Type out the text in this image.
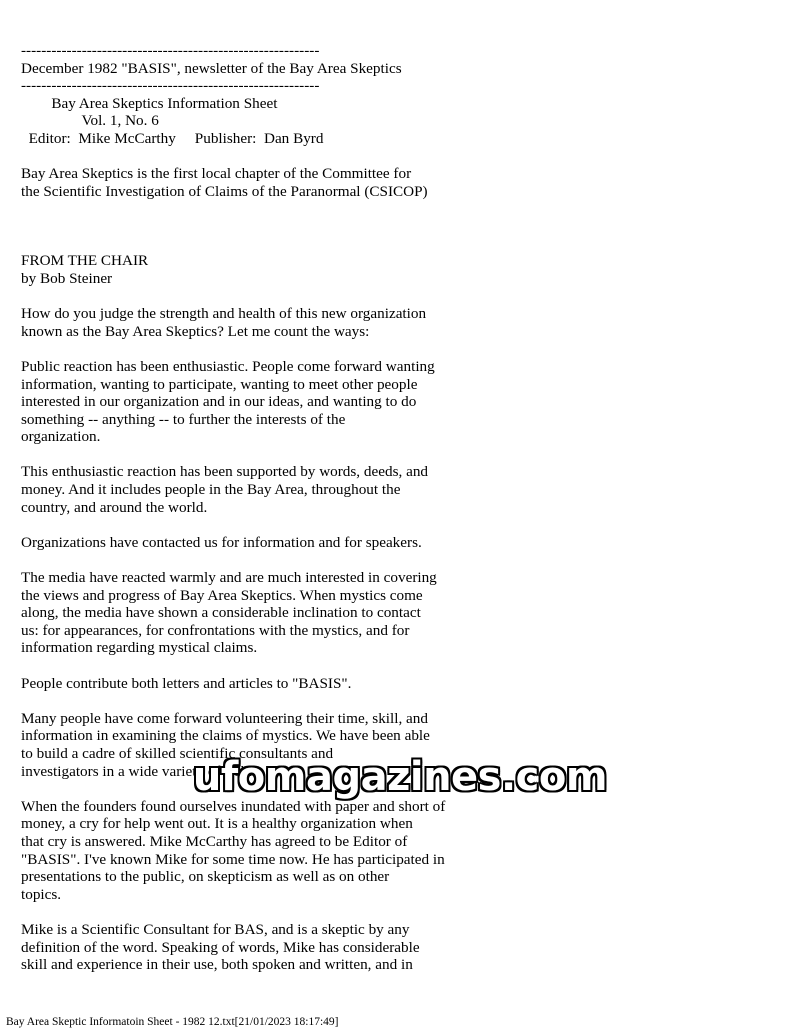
-----------------------------------------------------------
December 1982 "BASIS", newsletter of the Bay Area Skeptics
-----------------------------------------------------------
Bay Area Skeptics Information Sheet
Vol. 1, No. 6
Editor:  Mike McCarthy     Publisher:  Dan Byrd
Bay Area Skeptics is the first local chapter of the Committee for
the Scientific Investigation of Claims of the Paranormal (CSICOP)
FROM THE CHAIR
by Bob Steiner
How do you judge the strength and health of this new organization
known as the Bay Area Skeptics? Let me count the ways:
Public reaction has been enthusiastic. People come forward wanting
information, wanting to participate, wanting to meet other people
interested in our organization and in our ideas, and wanting to do
something -- anything -- to further the interests of the
organization.
This enthusiastic reaction has been supported by words, deeds, and
money. And it includes people in the Bay Area, throughout the
country, and around the world.
Organizations have contacted us for information and for speakers.
The media have reacted warmly and are much interested in covering
the views and progress of Bay Area Skeptics. When mystics come
along, the media have shown a considerable inclination to contact
us: for appearances, for confrontations with the mystics, and for
information regarding mystical claims.
People contribute both letters and articles to "BASIS".
Many people have come forward volunteering their time, skill, and
information in examining the claims of mystics. We have been able
to build a cadre of skilled scientific consultants and
investigators in a wide variety of fields.
When the founders found ourselves inundated with paper and short of
money, a cry for help went out. It is a healthy organization when
that cry is answered. Mike McCarthy has agreed to be Editor of
"BASIS". I've known Mike for some time now. He has participated in
presentations to the public, on skepticism as well as on other
topics.
Mike is a Scientific Consultant for BAS, and is a skeptic by any
definition of the word. Speaking of words, Mike has considerable
skill and experience in their use, both spoken and written, and in
ufomagazines.com
Bay Area Skeptic Informatoin Sheet - 1982 12.txt[21/01/2023 18:17:49]
